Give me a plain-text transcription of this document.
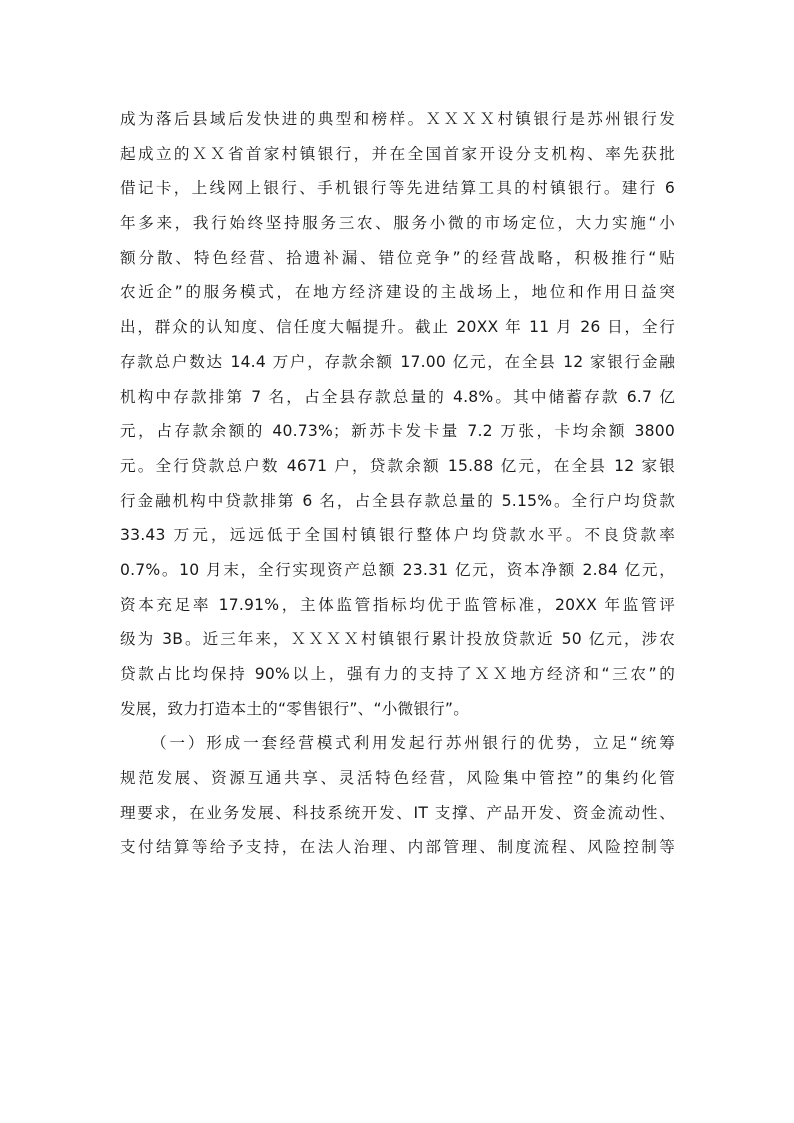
成为落后县域后发快进的典型和榜样。ＸＸＸＸ村镇银行是苏州银行发
起成立的ＸＸ省首家村镇银行，并在全国首家开设分支机构、率先获批
借记卡，上线网上银行、手机银行等先进结算工具的村镇银行。建行 6
年多来，我行始终坚持服务三农、服务小微的市场定位，大力实施“小
额分散、特色经营、拾遗补漏、错位竞争”的经营战略，积极推行“贴
农近企”的服务模式，在地方经济建设的主战场上，地位和作用日益突
出，群众的认知度、信任度大幅提升。截止 20XX 年 11 月 26 日，全行
存款总户数达 14.4 万户，存款余额 17.00 亿元，在全县 12 家银行金融
机构中存款排第 7 名，占全县存款总量的 4.8%。其中储蓄存款 6.7 亿
元，占存款余额的 40.73%；新苏卡发卡量 7.2 万张，卡均余额 3800
元。全行贷款总户数 4671 户，贷款余额 15.88 亿元，在全县 12 家银
行金融机构中贷款排第 6 名，占全县存款总量的 5.15%。全行户均贷款
33.43 万元，远远低于全国村镇银行整体户均贷款水平。不良贷款率
0.7%。10 月末，全行实现资产总额 23.31 亿元，资本净额 2.84 亿元，
资本充足率 17.91%，主体监管指标均优于监管标准，20XX 年监管评
级为 3B。近三年来，ＸＸＸＸ村镇银行累计投放贷款近 50 亿元，涉农
贷款占比均保持 90%以上，强有力的支持了ＸＸ地方经济和“三农”的
发展，致力打造本土的“零售银行”、“小微银行”。
（一）形成一套经营模式利用发起行苏州银行的优势，立足“统筹
规范发展、资源互通共享、灵活特色经营，风险集中管控”的集约化管
理要求，在业务发展、科技系统开发、IT 支撑、产品开发、资金流动性、
支付结算等给予支持，在法人治理、内部管理、制度流程、风险控制等
